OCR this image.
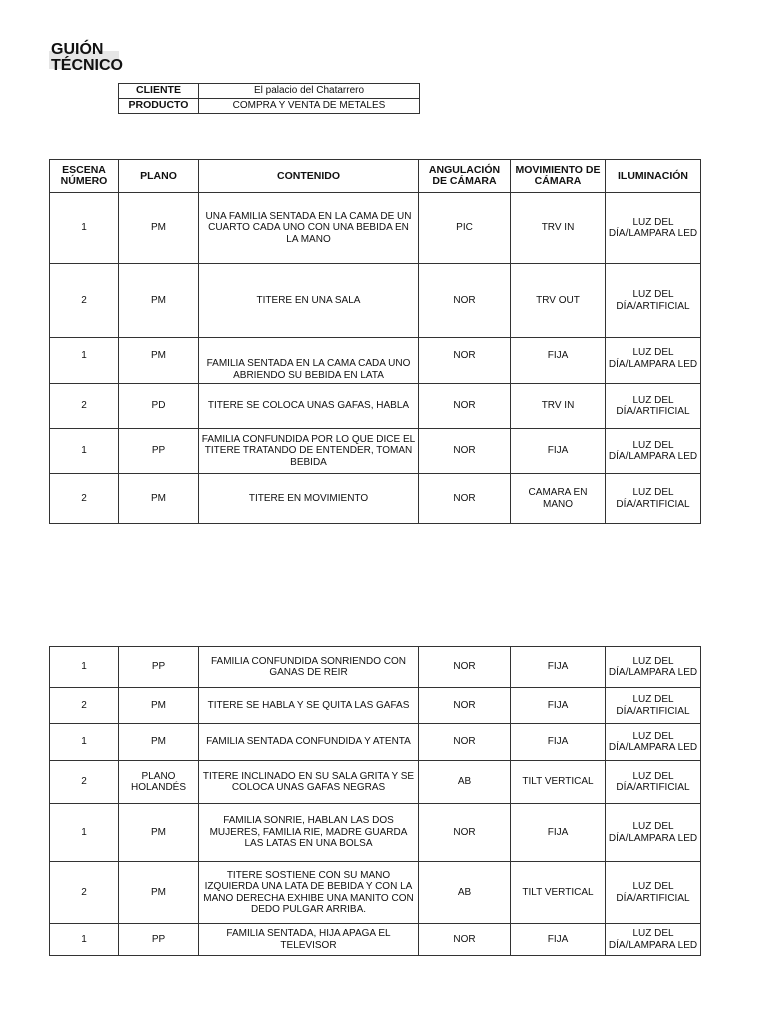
GUIÓN TÉCNICO
CLIENTE	El palacio del Chatarrero
PRODUCTO	COMPRA Y VENTA DE METALES
ESCENA NÚMERO	PLANO	CONTENIDO	ANGULACIÓN DE CÁMARA	MOVIMIENTO DE CÁMARA	ILUMINACIÓN
1	PM	UNA FAMILIA SENTADA EN LA CAMA DE UN CUARTO CADA UNO CON UNA BEBIDA EN LA MANO	PIC	TRV IN	LUZ DEL DÍA/LAMPARA LED
2	PM	TITERE EN UNA SALA	NOR	TRV OUT	LUZ DEL DÍA/ARTIFICIAL
1	PM	FAMILIA SENTADA EN LA CAMA CADA UNO ABRIENDO SU BEBIDA EN LATA	NOR	FIJA	LUZ DEL DÍA/LAMPARA LED
2	PD	TITERE SE COLOCA UNAS GAFAS, HABLA	NOR	TRV IN	LUZ DEL DÍA/ARTIFICIAL
1	PP	FAMILIA CONFUNDIDA POR LO QUE DICE EL TITERE TRATANDO DE ENTENDER, TOMAN BEBIDA	NOR	FIJA	LUZ DEL DÍA/LAMPARA LED
2	PM	TITERE EN MOVIMIENTO	NOR	CAMARA EN MANO	LUZ DEL DÍA/ARTIFICIAL
1	PP	FAMILIA CONFUNDIDA SONRIENDO CON GANAS DE REIR	NOR	FIJA	LUZ DEL DÍA/LAMPARA LED
2	PM	TITERE SE HABLA Y SE QUITA LAS GAFAS	NOR	FIJA	LUZ DEL DÍA/ARTIFICIAL
1	PM	FAMILIA SENTADA CONFUNDIDA Y ATENTA	NOR	FIJA	LUZ DEL DÍA/LAMPARA LED
2	PLANO HOLANDÉS	TITERE INCLINADO EN SU SALA GRITA Y SE COLOCA UNAS GAFAS NEGRAS	AB	TILT VERTICAL	LUZ DEL DÍA/ARTIFICIAL
1	PM	FAMILIA SONRIE, HABLAN LAS DOS MUJERES, FAMILIA RIE, MADRE GUARDA LAS LATAS EN UNA BOLSA	NOR	FIJA	LUZ DEL DÍA/LAMPARA LED
2	PM	TITERE SOSTIENE CON SU MANO IZQUIERDA UNA LATA DE BEBIDA Y CON LA MANO DERECHA EXHIBE UNA MANITO CON DEDO PULGAR ARRIBA.	AB	TILT VERTICAL	LUZ DEL DÍA/ARTIFICIAL
1	PP	FAMILIA SENTADA, HIJA APAGA EL TELEVISOR	NOR	FIJA	LUZ DEL DÍA/LAMPARA LED
